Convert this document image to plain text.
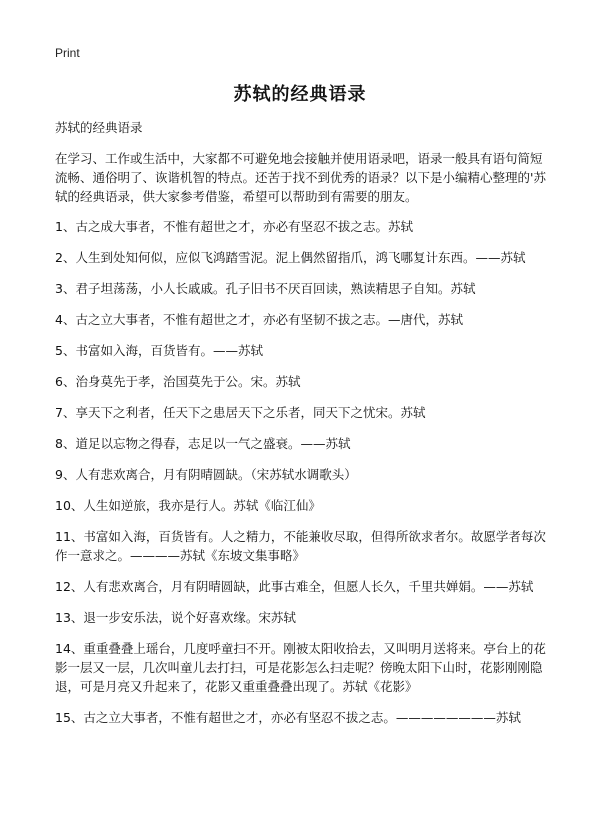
Print
苏轼的经典语录

苏轼的经典语录

在学习、工作或生活中，大家都不可避免地会接触并使用语录吧，语录一般具有语句简短流畅、通俗明了、诙谐机智的特点。还苦于找不到优秀的语录？以下是小编精心整理的'苏轼的经典语录，供大家参考借鉴，希望可以帮助到有需要的朋友。

1、古之成大事者，不惟有超世之才，亦必有坚忍不拔之志。苏轼
2、人生到处知何似，应似飞鸿踏雪泥。泥上偶然留指爪，鸿飞哪复计东西。——苏轼
3、君子坦荡荡，小人长戚戚。孔子旧书不厌百回读，熟读精思子自知。苏轼
4、古之立大事者，不惟有超世之才，亦必有坚韧不拔之志。—唐代，苏轼
5、书富如入海，百货皆有。——苏轼
6、治身莫先于孝，治国莫先于公。宋。苏轼
7、享天下之利者，任天下之患居天下之乐者，同天下之忧宋。苏轼
8、道足以忘物之得春，志足以一气之盛衰。——苏轼
9、人有悲欢离合，月有阴晴圆缺。（宋苏轼水调歌头）
10、人生如逆旅，我亦是行人。苏轼《临江仙》
11、书富如入海，百货皆有。人之精力，不能兼收尽取，但得所欲求者尔。故愿学者每次作一意求之。————苏轼《东坡文集事略》
12、人有悲欢离合，月有阴晴圆缺，此事古难全，但愿人长久，千里共婵娟。——苏轼
13、退一步安乐法，说个好喜欢缘。宋苏轼
14、重重叠叠上瑶台，几度呼童扫不开。刚被太阳收拾去，又叫明月送将来。亭台上的花影一层又一层，几次叫童儿去打扫，可是花影怎么扫走呢？傍晚太阳下山时，花影刚刚隐退，可是月亮又升起来了，花影又重重叠叠出现了。苏轼《花影》
15、古之立大事者，不惟有超世之才，亦必有坚忍不拔之志。————————苏轼
